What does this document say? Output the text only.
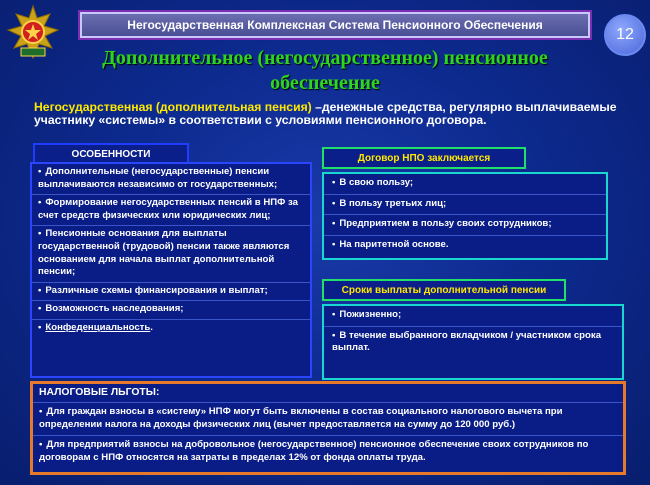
Негосударственная Комплексная Система Пенсионного Обеспечения
12
Дополнительное (негосударственное) пенсионное обеспечение
Негосударственная (дополнительная пенсия) –денежные средства, регулярно выплачиваемые участнику «системы» в соответствии с условиями пенсионного договора.
ОСОБЕННОСТИ
• Дополнительные (негосударственные) пенсии выплачиваются независимо от государственных;
• Формирование негосударственных пенсий в НПФ за счет средств физических или юридических лиц;
• Пенсионные основания для выплаты государственной (трудовой) пенсии также являются основанием для начала выплат дополнительной пенсии;
• Различные схемы финансирования и выплат;
• Возможность наследования;
• Конфеденциальность.
Договор НПО заключается
• В свою пользу;
• В пользу третьих лиц;
• Предприятием в пользу своих сотрудников;
• На паритетной основе.
Сроки выплаты дополнительной пенсии
• Пожизненно;
• В течение выбранного вкладчиком / участником срока выплат.
НАЛОГОВЫЕ ЛЬГОТЫ:
• Для граждан взносы в «систему» НПФ могут быть включены в состав социального налогового вычета при определении налога на доходы физических лиц (вычет предоставляется на сумму до 120 000 руб.)
• Для предприятий взносы на добровольное (негосударственное) пенсионное обеспечение своих сотрудников по договорам с НПФ относятся на затраты в пределах 12% от фонда оплаты труда.
